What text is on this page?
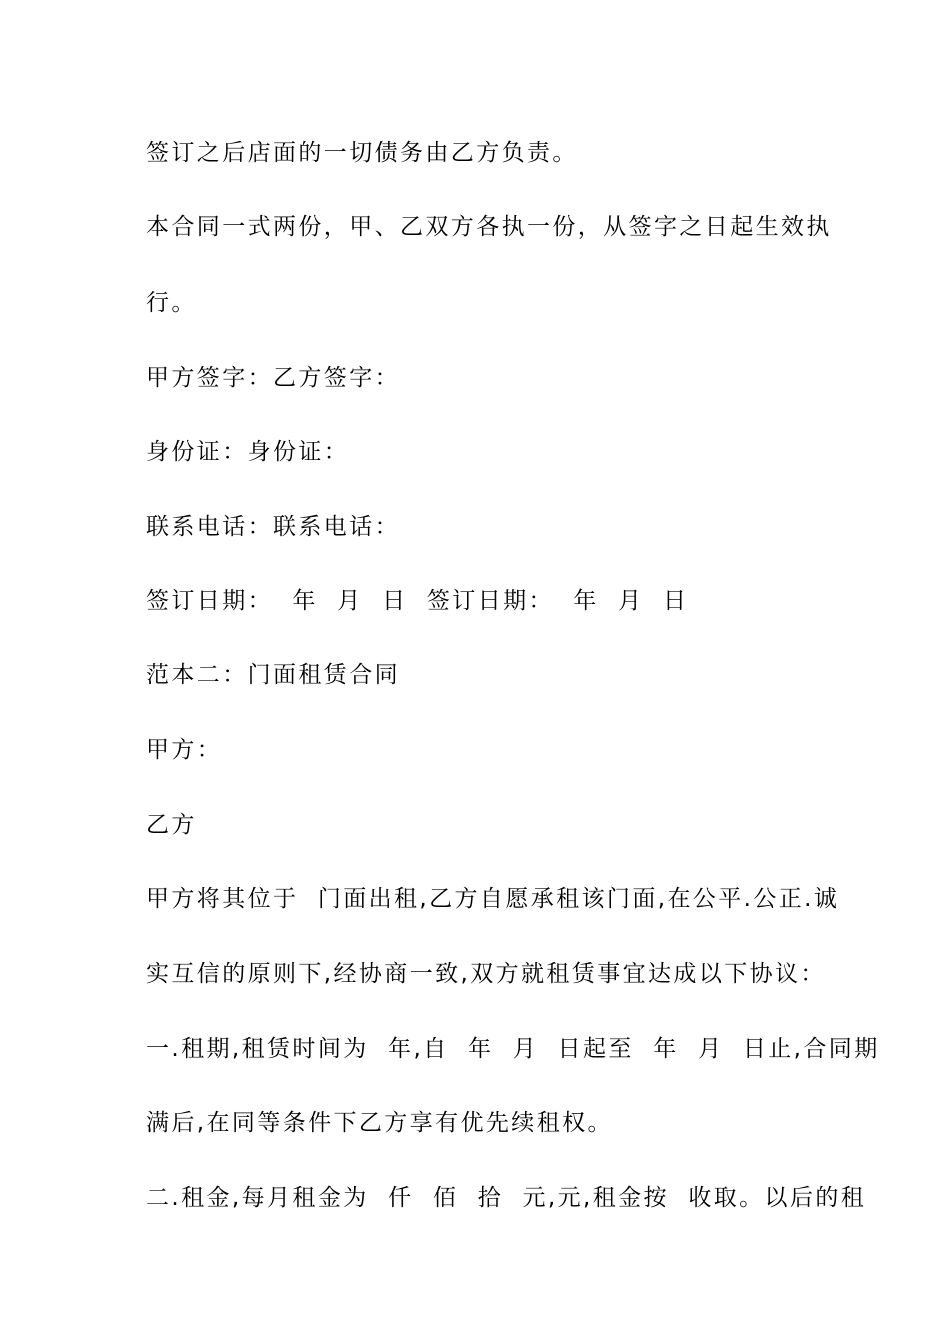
签订之后店面的一切债务由乙方负责。
本合同一式两份，甲、乙双方各执一份，从签字之日起生效执
行。
甲方签字：乙方签字：
身份证：身份证：
联系电话：联系电话：
签订日期：  年  月  日  签订日期：  年  月  日
范本二：门面租赁合同
甲方：
乙方
甲方将其位于  门面出租,乙方自愿承租该门面,在公平.公正.诚
实互信的原则下,经协商一致,双方就租赁事宜达成以下协议：
一.租期,租赁时间为  年,自  年  月  日起至  年  月  日止,合同期
满后,在同等条件下乙方享有优先续租权。
二.租金,每月租金为  仟  佰  拾  元,元,租金按  收取。以后的租
